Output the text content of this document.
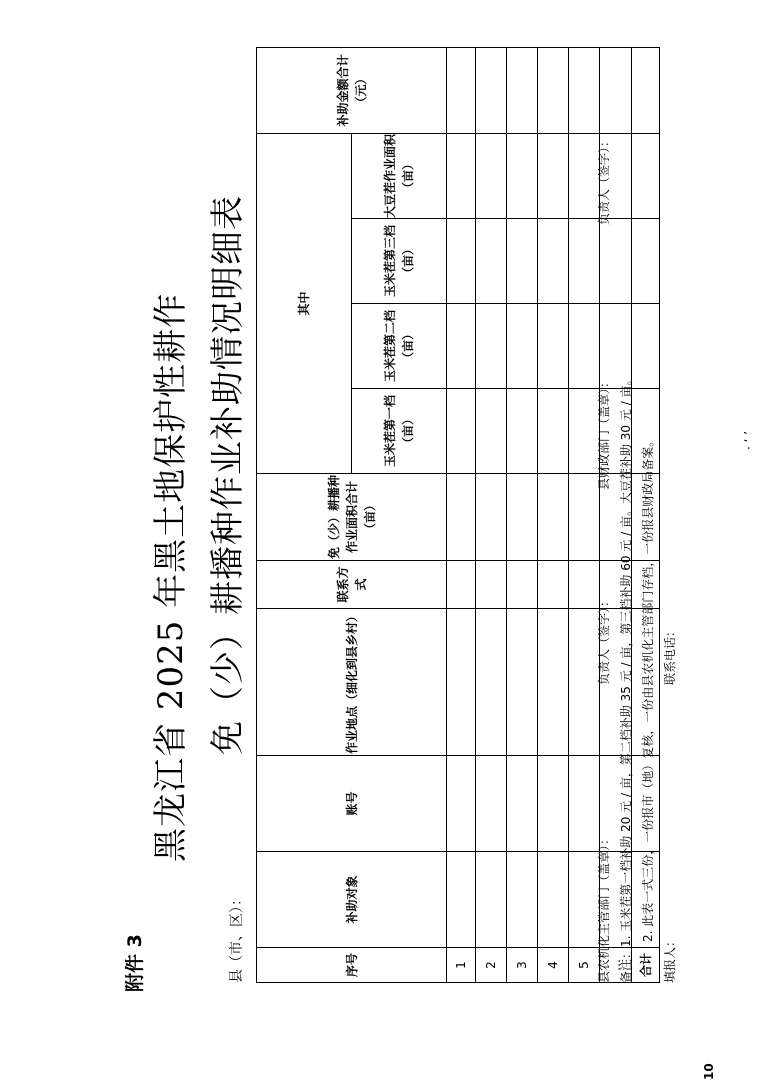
附件 3
黑龙江省 2025 年黑土地保护性耕作 免（少）耕播种作业补助情况明细表
县（市、区）：	序号	补助对象	账号	作业地点（细化到县乡村）	联系方式	免（少）耕播种作业面积合计（亩）	其中				补助金额合计（元）
						玉米茬第一档（亩）	玉米茬第二档（亩）	玉米茬第三档（亩）	大豆茬作业面积（亩）	
1										
2										
3										
4										
5										
…										
合计										
县农机化主管部门（盖章）：
负责人（签字）：
县财政部门（盖章）：
负责人（签字）：
备注：1. 玉米茬第一档补助 20 元 / 亩，第二档补助 35 元 / 亩，第三档补助 60 元 / 亩。大豆茬补助 30 元 / 亩。 2. 此表一式三份，一份报市（地）复核，一份由县农机化主管部门存档，一份报县财政局备案。
填报人：
联系电话：
10
· ‘ ’
